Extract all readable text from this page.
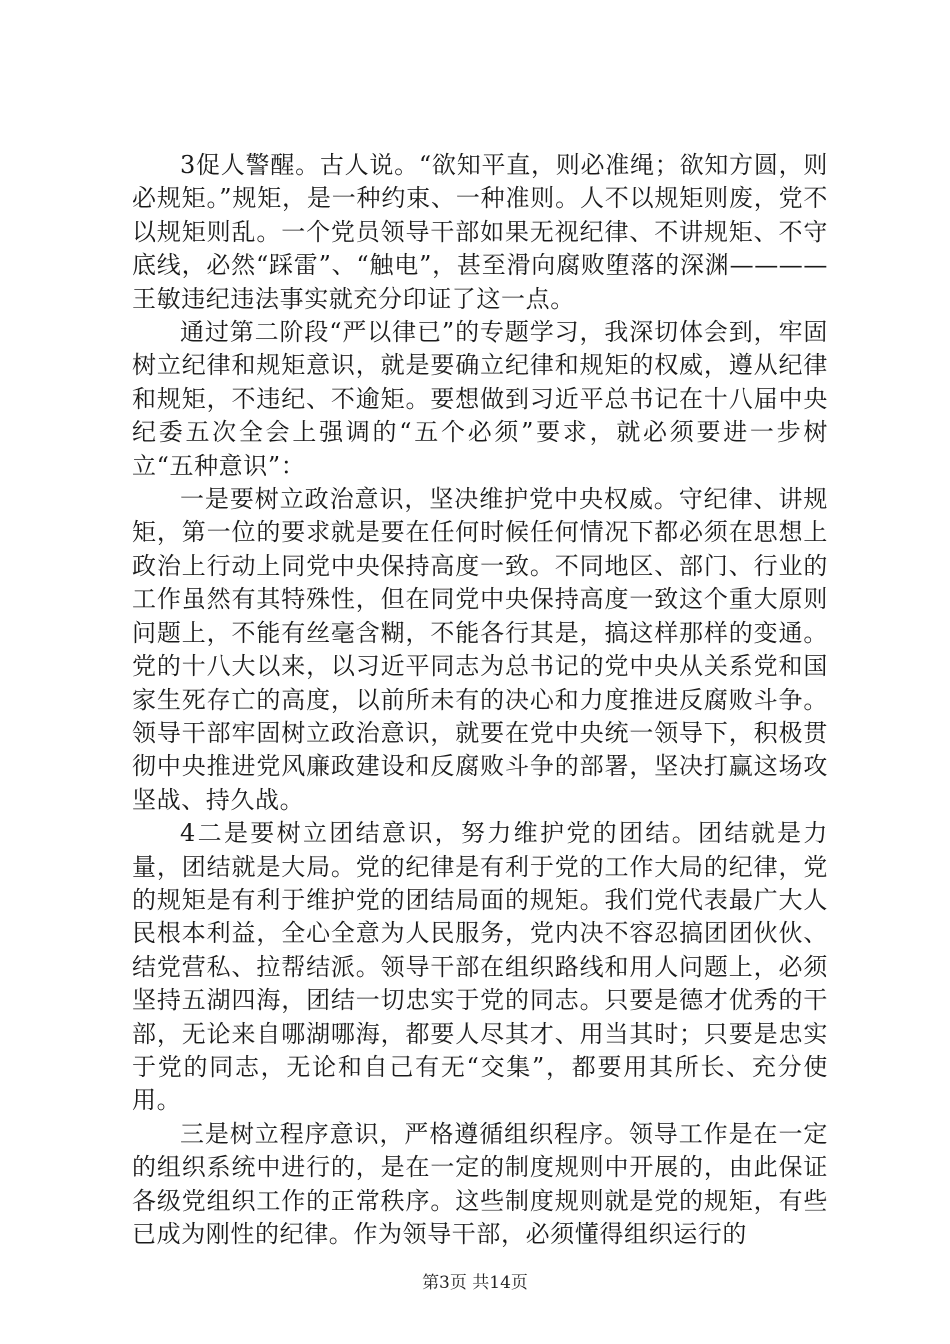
3促人警醒。古人说。“欲知平直，则必准绳；欲知方圆，则必规矩。”规矩，是一种约束、一种准则。人不以规矩则废，党不以规矩则乱。一个党员领导干部如果无视纪律、不讲规矩、不守底线，必然“踩雷”、“触电”，甚至滑向腐败堕落的深渊————王敏违纪违法事实就充分印证了这一点。

通过第二阶段“严以律已”的专题学习，我深切体会到，牢固树立纪律和规矩意识，就是要确立纪律和规矩的权威，遵从纪律和规矩，不违纪、不逾矩。要想做到习近平总书记在十八届中央纪委五次全会上强调的“五个必须”要求，就必须要进一步树立“五种意识”：

一是要树立政治意识，坚决维护党中央权威。守纪律、讲规矩，第一位的要求就是要在任何时候任何情况下都必须在思想上政治上行动上同党中央保持高度一致。不同地区、部门、行业的工作虽然有其特殊性，但在同党中央保持高度一致这个重大原则问题上，不能有丝毫含糊，不能各行其是，搞这样那样的变通。党的十八大以来，以习近平同志为总书记的党中央从关系党和国家生死存亡的高度，以前所未有的决心和力度推进反腐败斗争。领导干部牢固树立政治意识，就要在党中央统一领导下，积极贯彻中央推进党风廉政建设和反腐败斗争的部署，坚决打赢这场攻坚战、持久战。

4二是要树立团结意识，努力维护党的团结。团结就是力量，团结就是大局。党的纪律是有利于党的工作大局的纪律，党的规矩是有利于维护党的团结局面的规矩。我们党代表最广大人民根本利益，全心全意为人民服务，党内决不容忍搞团团伙伙、结党营私、拉帮结派。领导干部在组织路线和用人问题上，必须坚持五湖四海，团结一切忠实于党的同志。只要是德才优秀的干部，无论来自哪湖哪海，都要人尽其才、用当其时；只要是忠实于党的同志，无论和自己有无“交集”，都要用其所长、充分使用。

三是树立程序意识，严格遵循组织程序。领导工作是在一定的组织系统中进行的，是在一定的制度规则中开展的，由此保证各级党组织工作的正常秩序。这些制度规则就是党的规矩，有些已成为刚性的纪律。作为领导干部，必须懂得组织运行的

第3页 共14页
